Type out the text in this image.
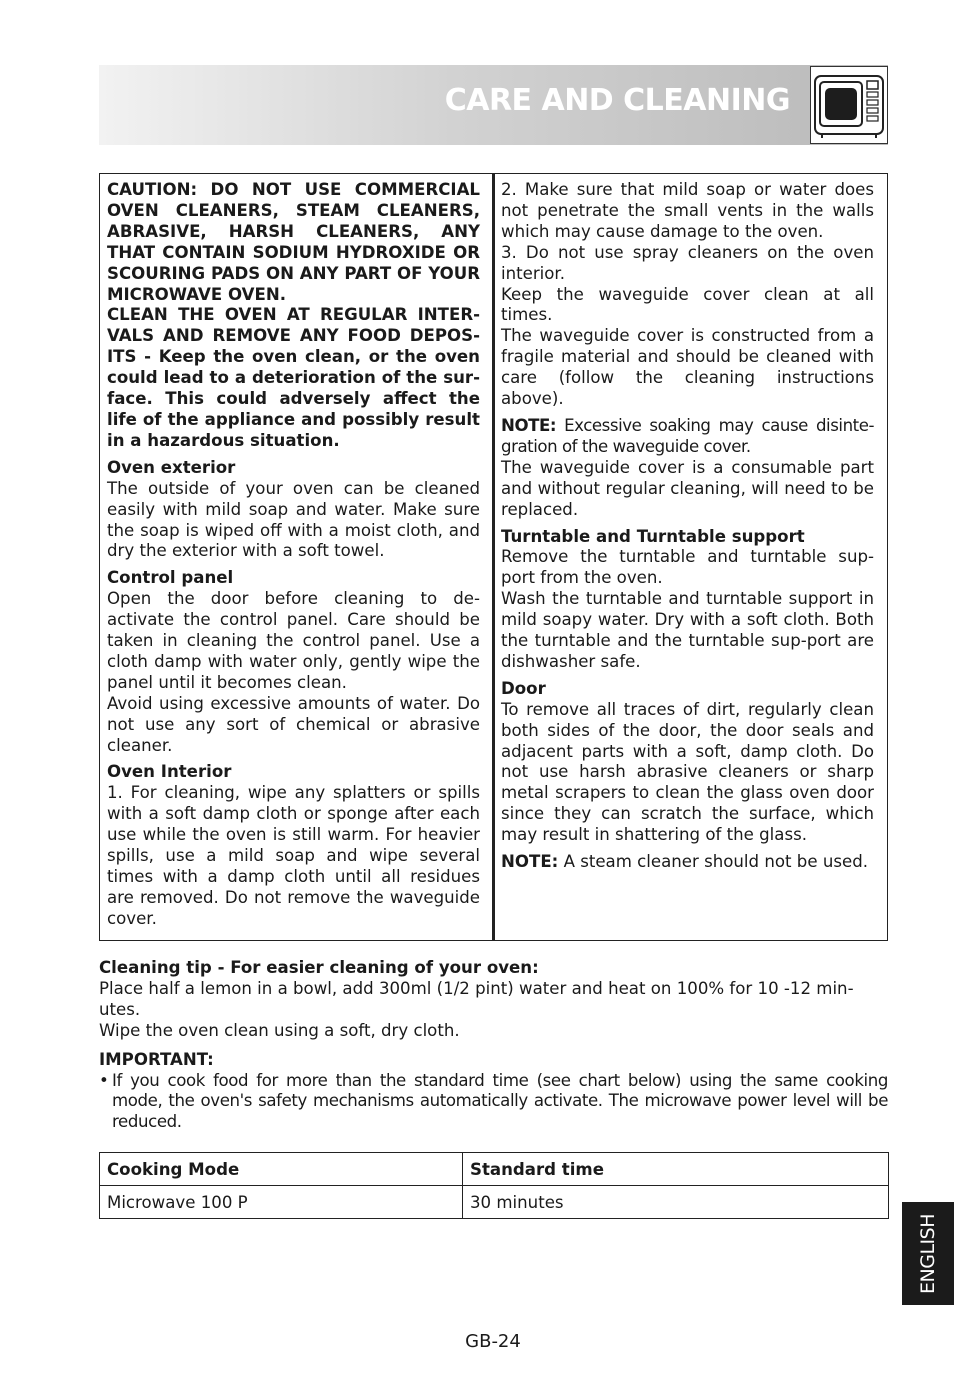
CARE AND CLEANING

CAUTION: DO NOT USE COMMERCIAL OVEN CLEANERS, STEAM CLEANERS, ABRASIVE, HARSH CLEANERS, ANY THAT CONTAIN SODIUM HYDROXIDE OR SCOURING PADS ON ANY PART OF YOUR MICROWAVE OVEN.

CLEAN THE OVEN AT REGULAR INTER-VALS AND REMOVE ANY FOOD DEPOS-ITS - Keep the oven clean, or the oven could lead to a deterioration of the sur-face. This could adversely affect the life of the appliance and possibly result in a hazardous situation.

Oven exterior

The outside of your oven can be cleaned easily with mild soap and water. Make sure the soap is wiped off with a moist cloth, and dry the exterior with a soft towel.

Control panel

Open the door before cleaning to de-activate the control panel. Care should be taken in cleaning the control panel. Use a cloth damp with water only, gently wipe the panel until it becomes clean.

Avoid using excessive amounts of water. Do not use any sort of chemical or abrasive cleaner.

Oven Interior

1. For cleaning, wipe any splatters or spills with a soft damp cloth or sponge after each use while the oven is still warm. For heavier spills, use a mild soap and wipe several times with a damp cloth until all residues are removed. Do not remove the waveguide cover.

2. Make sure that mild soap or water does not penetrate the small vents in the walls which may cause damage to the oven.

3. Do not use spray cleaners on the oven interior.

Keep the waveguide cover clean at all times.

The waveguide cover is constructed from a fragile material and should be cleaned with care (follow the cleaning instructions above).

NOTE: Excessive soaking may cause disinte-gration of the waveguide cover.

The waveguide cover is a consumable part and without regular cleaning, will need to be replaced.

Turntable and Turntable support

Remove the turntable and turntable sup-port from the oven.

Wash the turntable and turntable support in mild soapy water. Dry with a soft cloth. Both the turntable and the turntable sup-port are dishwasher safe.

Door

To remove all traces of dirt, regularly clean both sides of the door, the door seals and adjacent parts with a soft, damp cloth. Do not use harsh abrasive cleaners or sharp metal scrapers to clean the glass oven door since they can scratch the surface, which may result in shattering of the glass.

NOTE: A steam cleaner should not be used.

Cleaning tip - For easier cleaning of your oven:

Place half a lemon in a bowl, add 300ml (1/2 pint) water and heat on 100% for 10 -12 min-utes.

Wipe the oven clean using a soft, dry cloth.

IMPORTANT:

• If you cook food for more than the standard time (see chart below) using the same cooking mode, the oven's safety mechanisms automatically activate. The microwave power level will be reduced.

Cooking Mode	Standard time
Microwave 100 P	30 minutes
ENGLISH
GB-24
